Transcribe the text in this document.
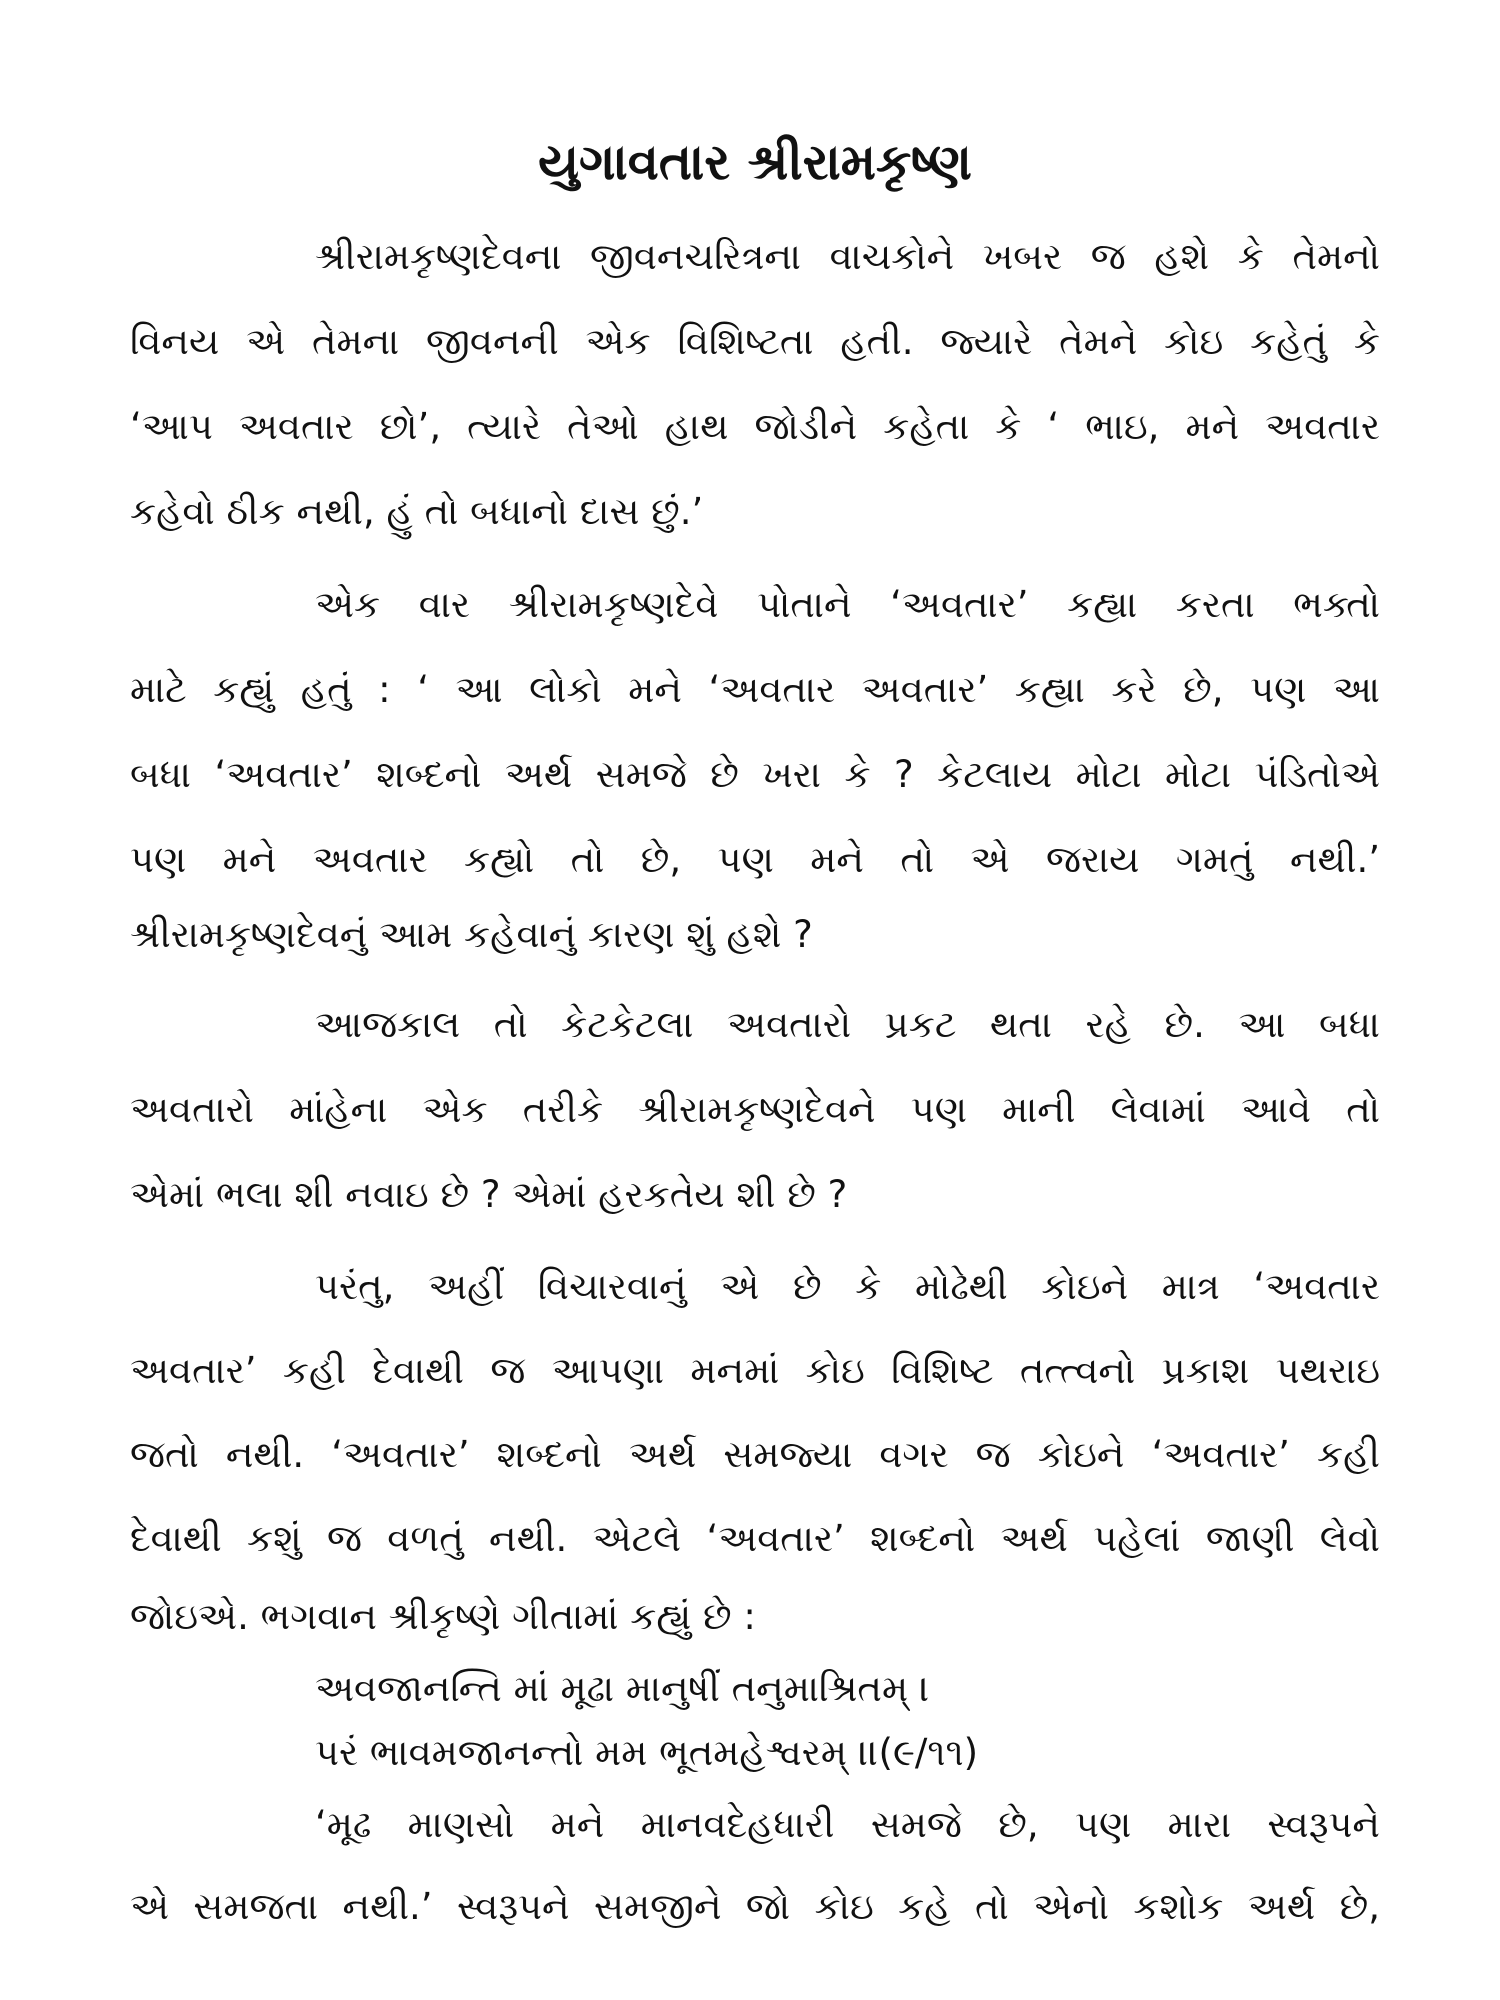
યુગાવતાર શ્રીરામકૃષ્ણ
શ્રીરામકૃષ્ણદેવના જીવનચરિત્રના વાચકોને ખબર જ હશે કે તેમનો
વિનય એ તેમના જીવનની એક વિશિષ્ટતા હતી. જ્યારે તેમને કોઇ કહેતું કે
‘આપ અવતાર છો’, ત્યારે તેઓ હાથ જોડીને કહેતા કે ‘ ભાઇ, મને અવતાર
કહેવો ઠીક નથી, હું તો બધાનો દાસ છું.’
એક વાર શ્રીરામકૃષ્ણદેવે પોતાને ‘અવતાર’ કહ્યા કરતા ભક્તો
માટે કહ્યું હતું : ‘ આ લોકો મને ‘અવતાર અવતાર’ કહ્યા કરે છે, પણ આ
બધા ‘અવતાર’ શબ્દનો અર્થ સમજે છે ખરા કે ? કેટલાય મોટા મોટા પંડિતોએ
પણ મને અવતાર કહ્યો તો છે, પણ મને તો એ જરાય ગમતું નથી.’
શ્રીરામકૃષ્ણદેવનું આમ કહેવાનું કારણ શું હશે ?
આજકાલ તો કેટકેટલા અવતારો પ્રકટ થતા રહે છે. આ બધા
અવતારો માંહેના એક તરીકે શ્રીરામકૃષ્ણદેવને પણ માની લેવામાં આવે તો
એમાં ભલા શી નવાઇ છે ? એમાં હરકતેય શી છે ?
પરંતુ, અહીં વિચારવાનું એ છે કે મોઢેથી કોઇને માત્ર ‘અવતાર
અવતાર’ કહી દેવાથી જ આપણા મનમાં કોઇ વિશિષ્ટ તત્ત્વનો પ્રકાશ પથરાઇ
જતો નથી. ‘અવતાર’ શબ્દનો અર્થ સમજ્યા વગર જ કોઇને ‘અવતાર’ કહી
દેવાથી કશું જ વળતું નથી. એટલે ‘અવતાર’ શબ્દનો અર્થ પહેલાં જાણી લેવો
જોઇએ. ભગવાન શ્રીકૃષ્ણે ગીતામાં કહ્યું છે :
અવજાનન્તિ માં મૂઢા માનુષીં તનુમાશ્રિતમ્ ।
પરં ભાવમજાનન્તો મમ ભૂતમહેશ્વરમ્ ।।(૯/૧૧)
‘મૂઢ માણસો મને માનવદેહધારી સમજે છે, પણ મારા સ્વરૂપને
એ સમજતા નથી.’ સ્વરૂપને સમજીને જો કોઇ કહે તો એનો કશોક અર્થ છે,
